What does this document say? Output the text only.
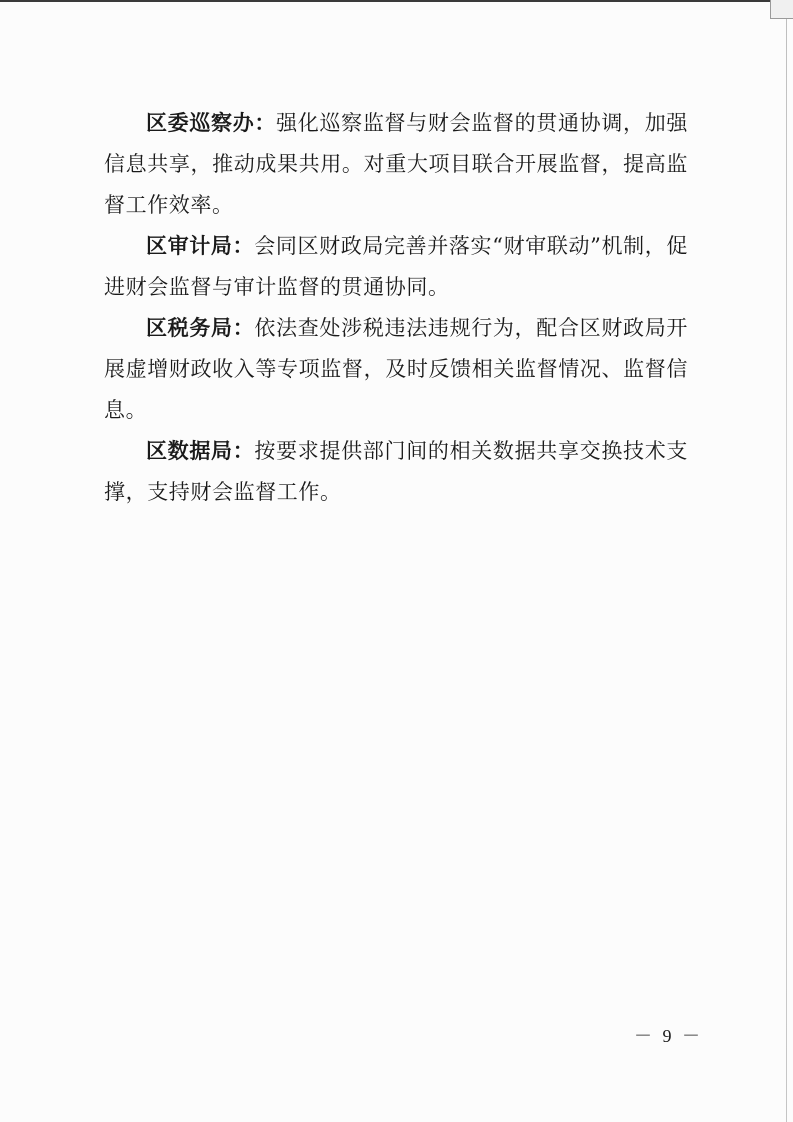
区委巡察办：强化巡察监督与财会监督的贯通协调，加强信息共享，推动成果共用。对重大项目联合开展监督，提高监督工作效率。

区审计局：会同区财政局完善并落实“财审联动”机制，促进财会监督与审计监督的贯通协同。

区税务局：依法查处涉税违法违规行为，配合区财政局开展虚增财政收入等专项监督，及时反馈相关监督情况、监督信息。

区数据局：按要求提供部门间的相关数据共享交换技术支撑，支持财会监督工作。

－ 9 －
